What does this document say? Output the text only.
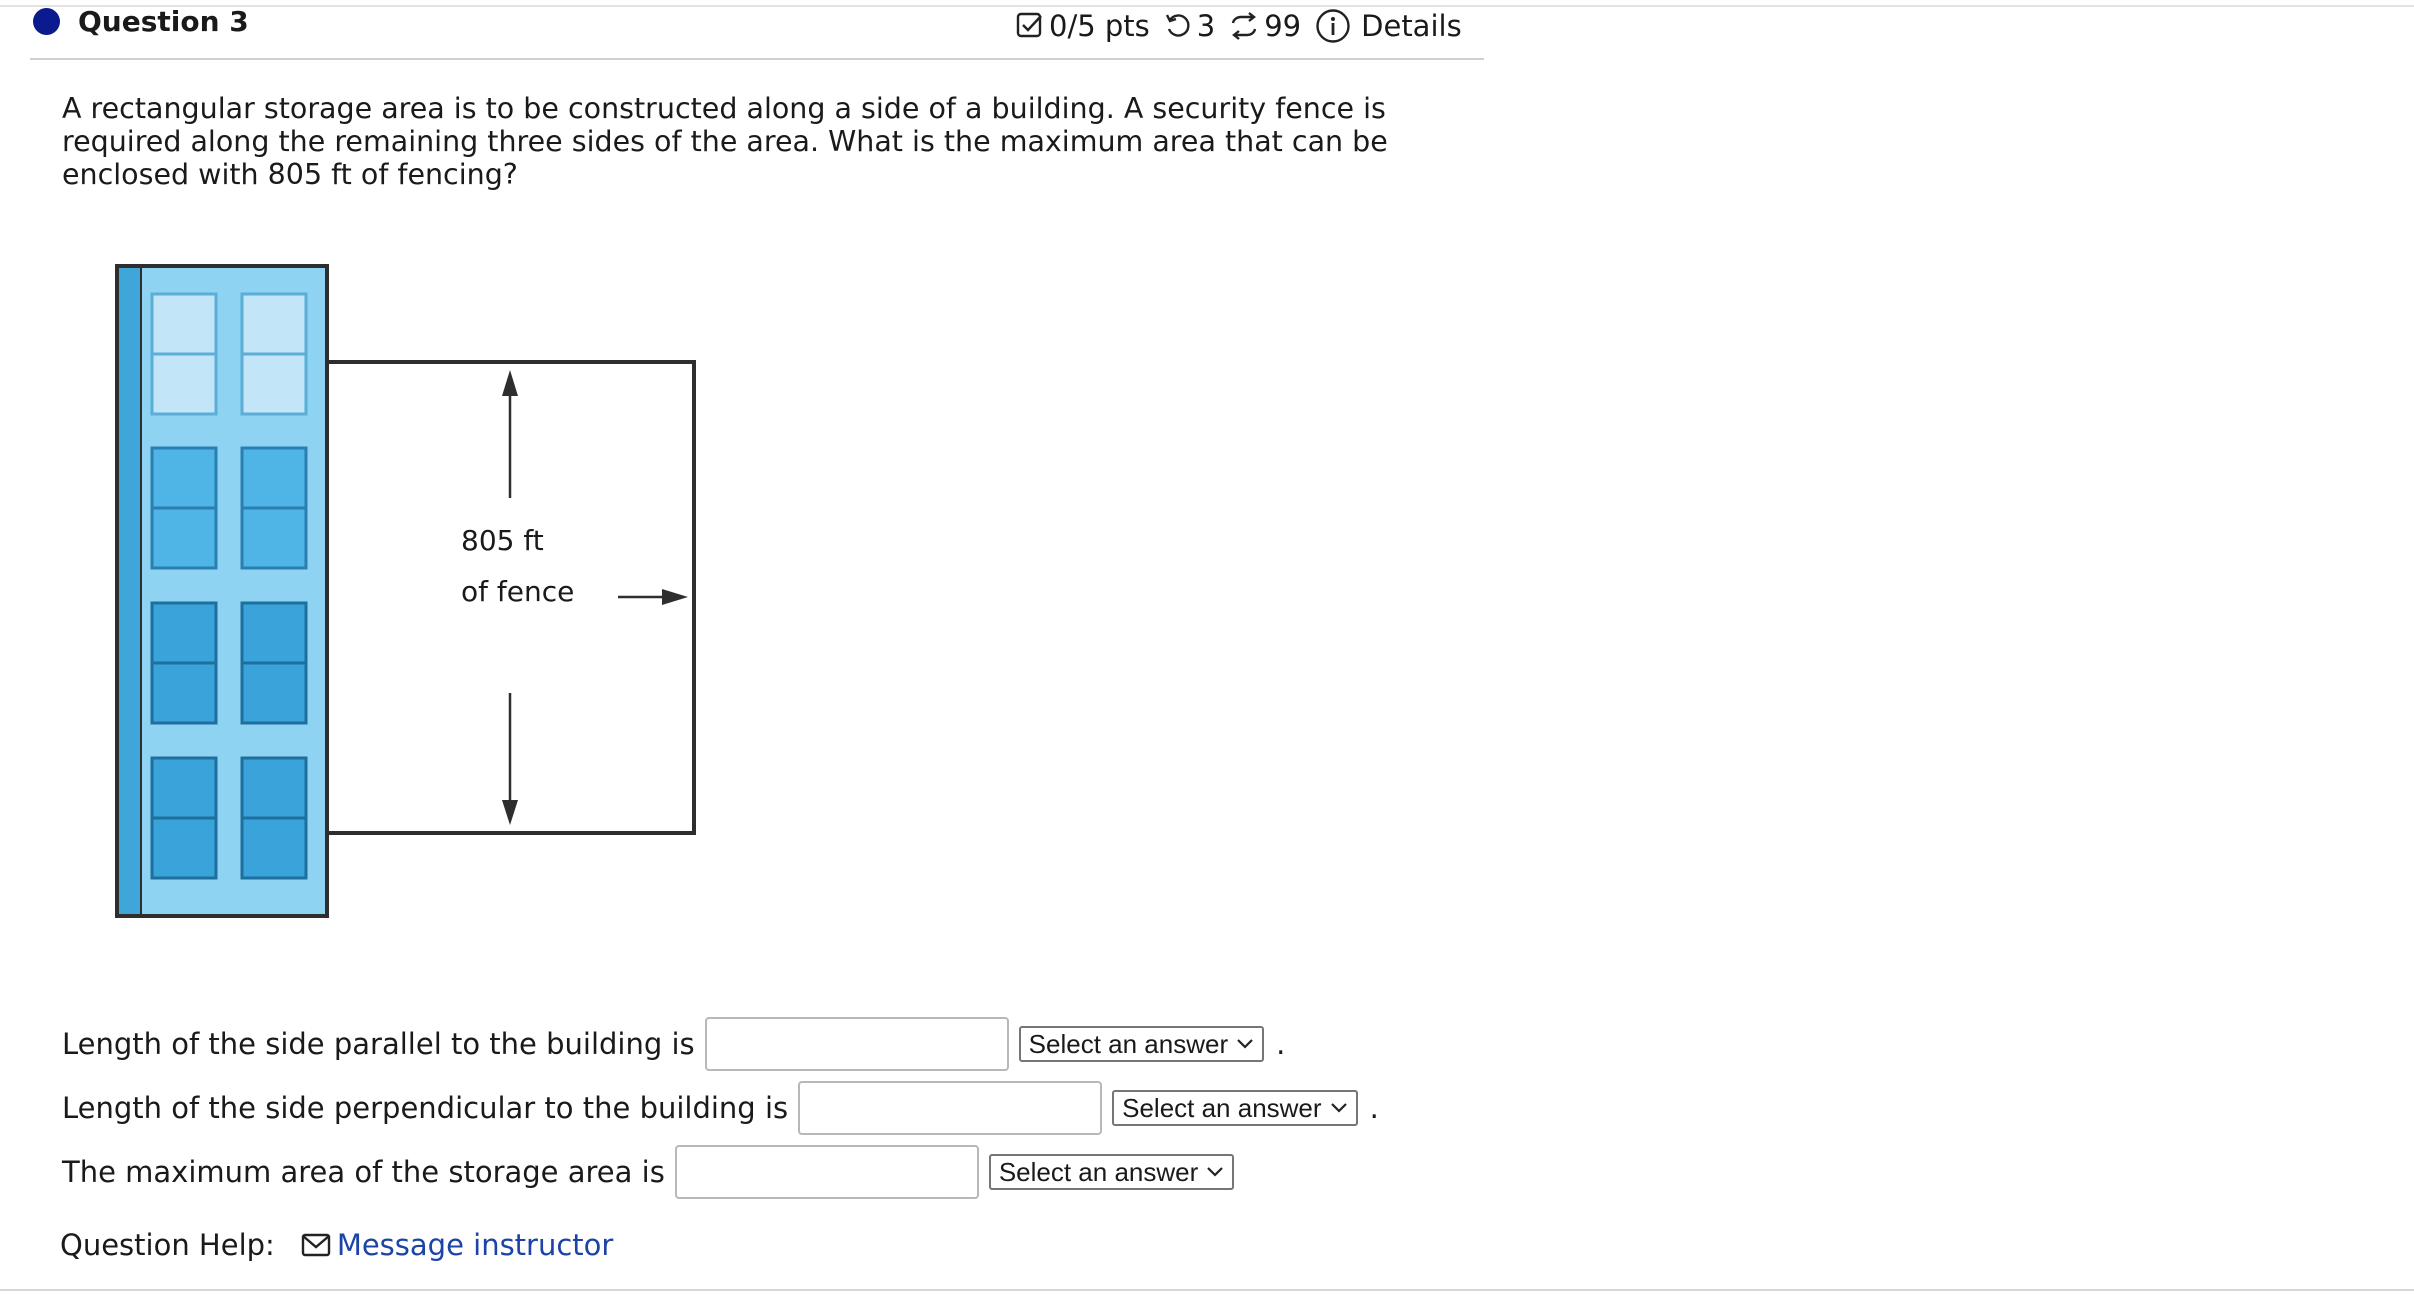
Question 3	0/5 pts 3 99 Details
A rectangular storage area is to be constructed along a side of a building. A security fence is required along the remaining three sides of the area. What is the maximum area that can be enclosed with 805 ft of fencing?
805 ft
of fence
Length of the side parallel to the building is	Select an answer .
Length of the side perpendicular to the building is	Select an answer .
The maximum area of the storage area is	Select an answer
Question Help: Message instructor
